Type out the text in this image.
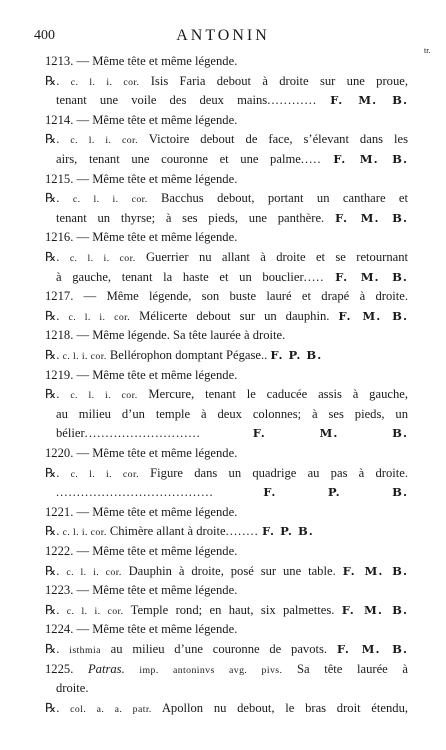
400	ANTONIN
tr.
1213. — Même tête et même légende.
℞. c. l. i. cor. Isis Faria debout à droite sur une proue,
tenant une voile des deux mains............ F. M. B.
1214. — Même tête et même légende.
℞. c. l. i. cor. Victoire debout de face, s’élevant dans les
airs, tenant une couronne et une palme..... F. M. B.
1215. — Même tête et même légende.
℞. c. l. i. cor. Bacchus debout, portant un canthare et
tenant un thyrse; à ses pieds, une panthère. F. M. B.
1216. — Même tête et même légende.
℞. c. l. i. cor. Guerrier nu allant à droite et se retournant
à gauche, tenant la haste et un bouclier..... F. M. B.
1217. — Même légende, son buste lauré et drapé à droite.
℞. c. l. i. cor. Mélicerte debout sur un dauphin. F. M. B.
1218. — Même légende. Sa tête laurée à droite.
℞. c. l. i. cor. Bellérophon domptant Pégase.. F. P. B.
1219. — Même tête et même légende.
℞. c. l. i. cor. Mercure, tenant le caducée assis à gauche,
au milieu d’un temple à deux colonnes; à ses pieds, un
bélier............................	F. M. B.
1220. — Même tête et même légende.
℞. c. l. i. cor. Figure dans un quadrige au pas à droite.
......................................	F. P. B.
1221. — Même tête et même légende.
℞. c. l. i. cor. Chimère allant à droite........ F. P. B.
1222. — Même tête et même légende.
℞. c. l. i. cor. Dauphin à droite, posé sur une table. F. M. B.
1223. — Même tête et même légende.
℞. c. l. i. cor. Temple rond; en haut, six palmettes. F. M. B.
1224. — Même tête et même légende.
℞. isthmia au milieu d’une couronne de pavots. F. M. B.
1225. Patras. imp. antoninvs avg. pivs. Sa tête laurée à
droite.
℞. col. a. a. patr. Apollon nu debout, le bras droit étendu,
